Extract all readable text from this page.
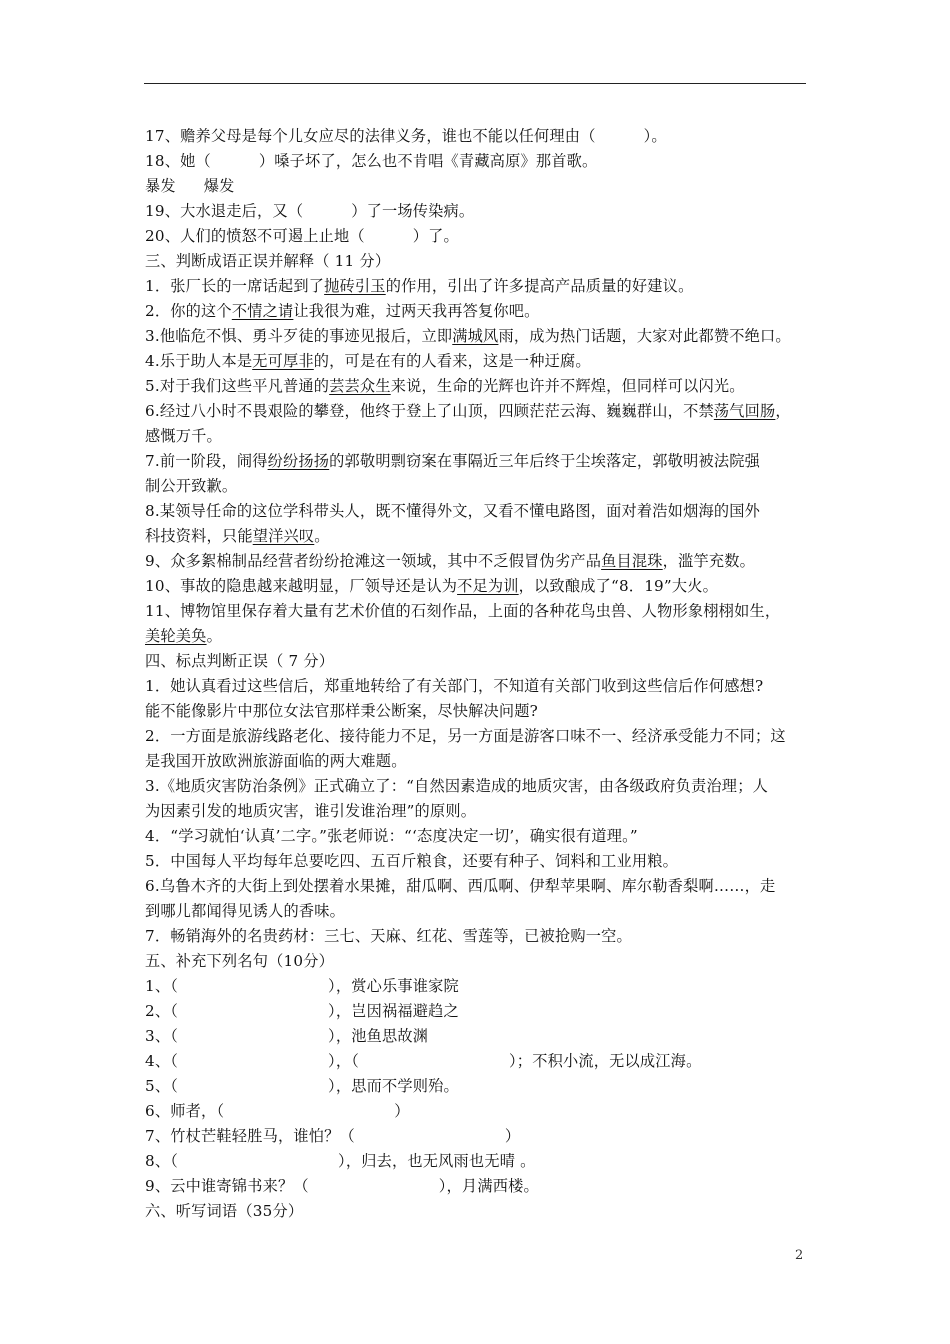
17、赡养父母是每个儿女应尽的法律义务，谁也不能以任何理由（	）。
18、她（	）嗓子坏了，怎么也不肯唱《青藏高原》那首歌。
暴发 爆发
19、大水退走后，又（	）了一场传染病。
20、人们的愤怒不可遏上止地（	）了。
三、判断成语正误并解释（ 11 分）
1．张厂长的一席话起到了抛砖引玉的作用，引出了许多提高产品质量的好建议。
2．你的这个不情之请让我很为难，过两天我再答复你吧。
3.他临危不惧、勇斗歹徒的事迹见报后，立即满城风雨，成为热门话题，大家对此都赞不绝口。
4.乐于助人本是无可厚非的，可是在有的人看来，这是一种迂腐。
5.对于我们这些平凡普通的芸芸众生来说，生命的光辉也许并不辉煌，但同样可以闪光。
6.经过八小时不畏艰险的攀登，他终于登上了山顶，四顾茫茫云海、巍巍群山，不禁荡气回肠，
感慨万千。
7.前一阶段，闹得纷纷扬扬的郭敬明剽窃案在事隔近三年后终于尘埃落定，郭敬明被法院强
制公开致歉。
8.某领导任命的这位学科带头人，既不懂得外文，又看不懂电路图，面对着浩如烟海的国外
科技资料，只能望洋兴叹。
9、众多絮棉制品经营者纷纷抢滩这一领域，其中不乏假冒伪劣产品鱼目混珠，滥竽充数。
10、事故的隐患越来越明显，厂领导还是认为不足为训，以致酿成了“8．19”大火。
11、博物馆里保存着大量有艺术价值的石刻作品，上面的各种花鸟虫兽、人物形象栩栩如生，
美轮美奂。
四、标点判断正误（ 7 分）
1．她认真看过这些信后，郑重地转给了有关部门，不知道有关部门收到这些信后作何感想?
能不能像影片中那位女法官那样秉公断案，尽快解决问题?
2．一方面是旅游线路老化、接待能力不足，另一方面是游客口味不一、经济承受能力不同；这
是我国开放欧洲旅游面临的两大难题。
3.《地质灾害防治条例》正式确立了：“自然因素造成的地质灾害，由各级政府负责治理；人
为因素引发的地质灾害，谁引发谁治理”的原则。
4．“学习就怕‘认真’二字。”张老师说：“‘态度决定一切’，确实很有道理。”
5．中国每人平均每年总要吃四、五百斤粮食，还要有种子、饲料和工业用粮。
6.乌鲁木齐的大街上到处摆着水果摊，甜瓜啊、西瓜啊、伊犁苹果啊、库尔勒香梨啊……，走
到哪儿都闻得见诱人的香味。
7．畅销海外的名贵药材：三七、天麻、红花、雪莲等，已被抢购一空。
五、补充下列名句（10分）
1、（	），赏心乐事谁家院
2、（	），岂因祸福避趋之
3、（	），池鱼思故渊
4、（	），（	）；不积小流，无以成江海。
5、（	），思而不学则殆。
6、师者，（	）
7、竹杖芒鞋轻胜马，谁怕？（	）
8、（	），归去，也无风雨也无晴 。
9、云中谁寄锦书来？（	），月满西楼。
六、听写词语（35分）
2
